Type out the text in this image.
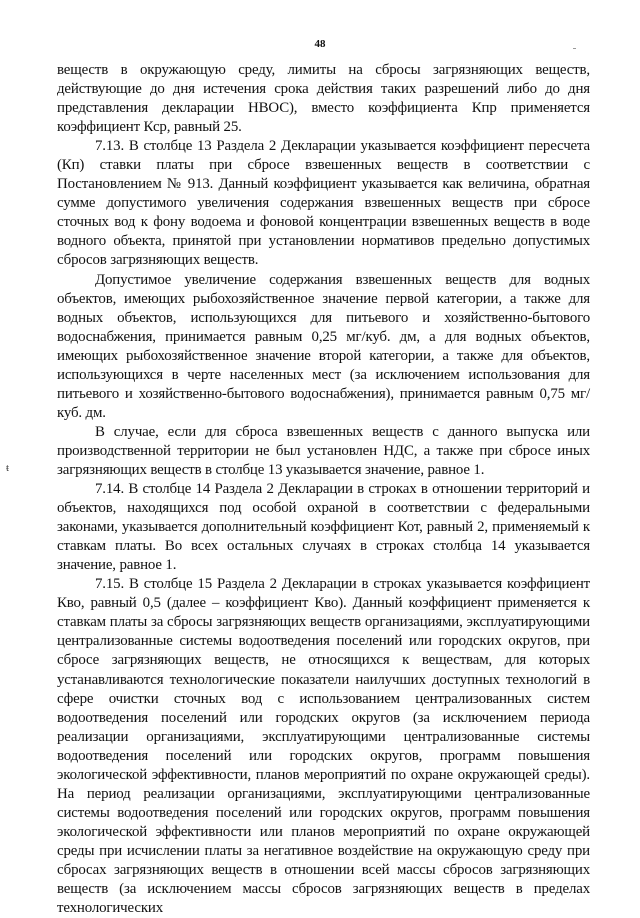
48
ŧ

веществ в окружающую среду, лимиты на сбросы загрязняющих веществ, действующие до дня истечения срока действия таких разрешений либо до дня представления декларации НВОС), вместо коэффициента Кпр применяется коэффициент Кср, равный 25.

7.13. В столбце 13 Раздела 2 Декларации указывается коэффициент пересчета (Кп) ставки платы при сбросе взвешенных веществ в соответствии с Постановлением № 913. Данный коэффициент указывается как величина, обратная сумме допустимого увеличения содержания взвешенных веществ при сбросе сточных вод к фону водоема и фоновой концентрации взвешенных веществ в воде водного объекта, принятой при установлении нормативов предельно допустимых сбросов загрязняющих веществ.

Допустимое увеличение содержания взвешенных веществ для водных объектов, имеющих рыбохозяйственное значение первой категории, а также для водных объектов, использующихся для питьевого и хозяйственно-бытового водоснабжения, принимается равным 0,25 мг/куб. дм, а для водных объектов, имеющих рыбохозяйственное значение второй категории, а также для объектов, использующихся в черте населенных мест (за исключением использования для питьевого и хозяйственно-бытового водоснабжения), принимается равным 0,75 мг/ куб. дм.

В случае, если для сброса взвешенных веществ с данного выпуска или производственной территории не был установлен НДС, а также при сбросе иных загрязняющих веществ в столбце 13 указывается значение, равное 1.

7.14. В столбце 14 Раздела 2 Декларации в строках в отношении территорий и объектов, находящихся под особой охраной в соответствии с федеральными законами, указывается дополнительный коэффициент Кот, равный 2, применяемый к ставкам платы. Во всех остальных случаях в строках столбца 14 указывается значение, равное 1.

7.15. В столбце 15 Раздела 2 Декларации в строках указывается коэффициент Кво, равный 0,5 (далее – коэффициент Кво). Данный коэффициент применяется к ставкам платы за сбросы загрязняющих веществ организациями, эксплуатирующими централизованные системы водоотведения поселений или городских округов, при сбросе загрязняющих веществ, не относящихся к веществам, для которых устанавливаются технологические показатели наилучших доступных технологий в сфере очистки сточных вод с использованием централизованных систем водоотведения поселений или городских округов (за исключением периода реализации организациями, эксплуатирующими централизованные системы водоотведения поселений или городских округов, программ повышения экологической эффективности, планов мероприятий по охране окружающей среды). На период реализации организациями, эксплуатирующими централизованные системы водоотведения поселений или городских округов, программ повышения экологической эффективности или планов мероприятий по охране окружающей среды при исчислении платы за негативное воздействие на окружающую среду при сбросах загрязняющих веществ в отношении всей массы сбросов загрязняющих веществ (за исключением массы сбросов загрязняющих веществ в пределах технологических
